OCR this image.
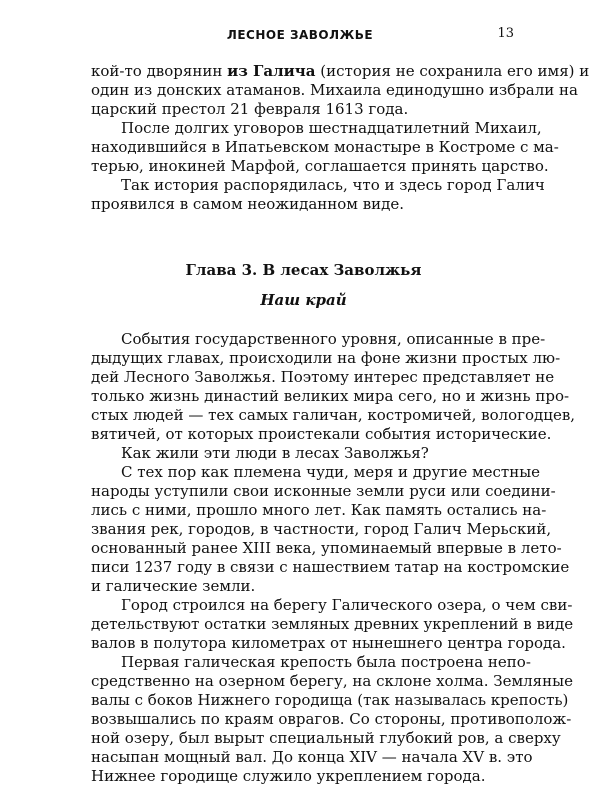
ЛЕСНОЕ ЗАВОЛЖЬЕ	13
кой-то дворянин из Галича (история не сохранила его имя) и
один из донских атаманов. Михаила единодушно избрали на
царский престол 21 февраля 1613 года.
После долгих уговоров шестнадцатилетний Михаил,
находившийся в Ипатьевском монастыре в Костроме с ма-
терью, инокиней Марфой, соглашается принять царство.
Так история распорядилась, что и здесь город Галич
проявился в самом неожиданном виде.
Глава 3. В лесах Заволжья
Наш край
События государственного уровня, описанные в пре-
дыдущих главах, происходили на фоне жизни простых лю-
дей Лесного Заволжья. Поэтому интерес представляет не
только жизнь династий великих мира сего, но и жизнь про-
стых людей — тех самых галичан, костромичей, вологодцев,
вятичей, от которых проистекали события исторические.
Как жили эти люди в лесах Заволжья?
С тех пор как племена чуди, меря и другие местные
народы уступили свои исконные земли руси или соедини-
лись с ними, прошло много лет. Как память остались на-
звания рек, городов, в частности, город Галич Мерьский,
основанный ранее XIII века, упоминаемый впервые в лето-
писи 1237 году в связи с нашествием татар на костромские
и галические земли.
Город строился на берегу Галического озера, о чем сви-
детельствуют остатки земляных древних укреплений в виде
валов в полутора километрах от нынешнего центра города.
Первая галическая крепость была построена непо-
средственно на озерном берегу, на склоне холма. Земляные
валы с боков Нижнего городища (так называлась крепость)
возвышались по краям оврагов. Со стороны, противополож-
ной озеру, был вырыт специальный глубокий ров, а сверху
насыпан мощный вал. До конца XIV — начала XV в. это
Нижнее городище служило укреплением города.
